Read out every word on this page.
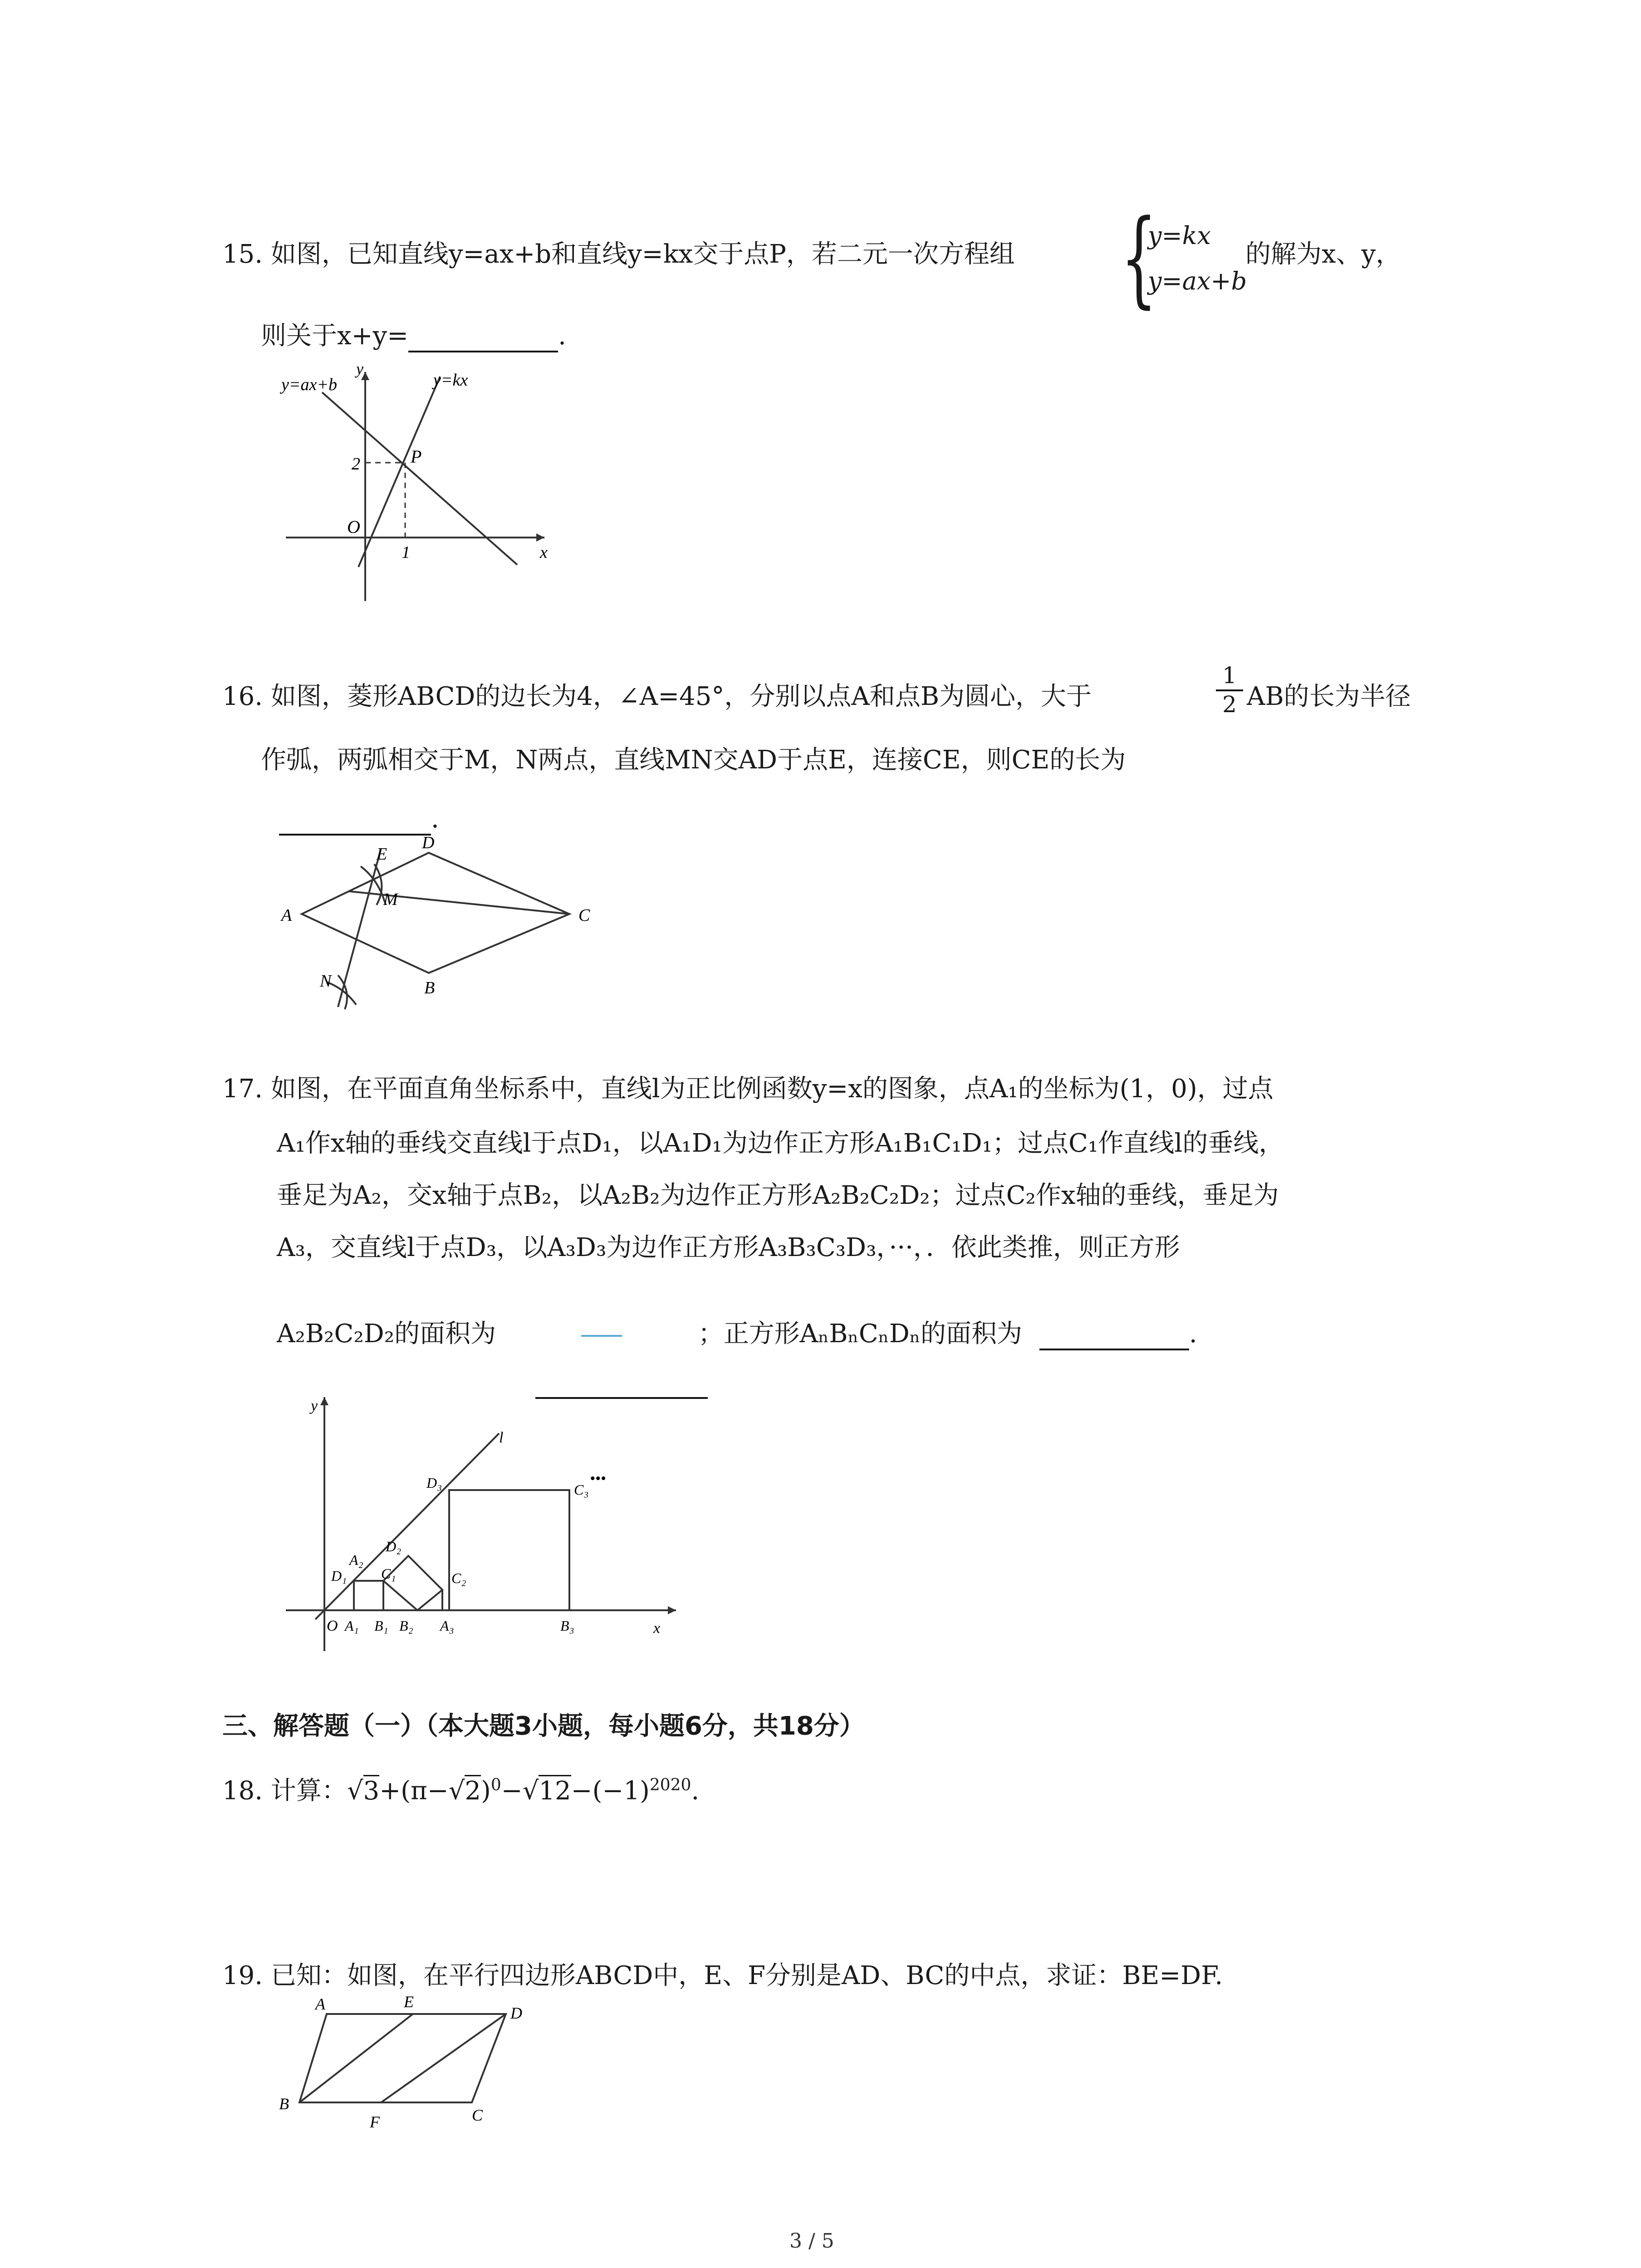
15. 如图，已知直线y=ax+b和直线y=kx交于点P，若二元一次方程组 {
y=kx
y=ax+b
的解为x、y，
则关于x+y=	.
y=ax+b	y=kx
y
x
O
P
2
1
16. 如图，菱形ABCD的边长为4，∠A=45°，分别以点A和点B为圆心，大于
1
2 AB的长为半径
作弧，两弧相交于M，N两点，直线MN交AD于点E，连接CE，则CE的长为
.
A
B
C
D
E
M
N
17. 如图，在平面直角坐标系中，直线l为正比例函数y=x的图象，点A₁的坐标为(1，0)，过点
A₁作x轴的垂线交直线l于点D₁，以A₁D₁为边作正方形A₁B₁C₁D₁；过点C₁作直线l的垂线，
垂足为A₂，交x轴于点B₂，以A₂B₂为边作正方形A₂B₂C₂D₂；过点C₂作x轴的垂线，垂足为
A₃，交直线l于点D₃，以A₃D₃为边作正方形A₃B₃C₃D₃，···，．依此类推，则正方形
A₂B₂C₂D₂的面积为	；正方形AₙBₙCₙDₙ的面积为	.
y
x
l
O A₁ B₁ B₂ A₃	B₃
D₁
A₂
C₁
D₂
C₂
D₃	C₃
•••
三、解答题（一）（本大题3小题，每小题6分，共18分）
18. 计算：$√3+(\pi-√2)^0-√12-(-1)^{2020}$.
19. 已知：如图，在平行四边形ABCD中，E、F分别是AD、BC的中点，求证：BE=DF.
A	E
D
B
F	C
3 / 5
